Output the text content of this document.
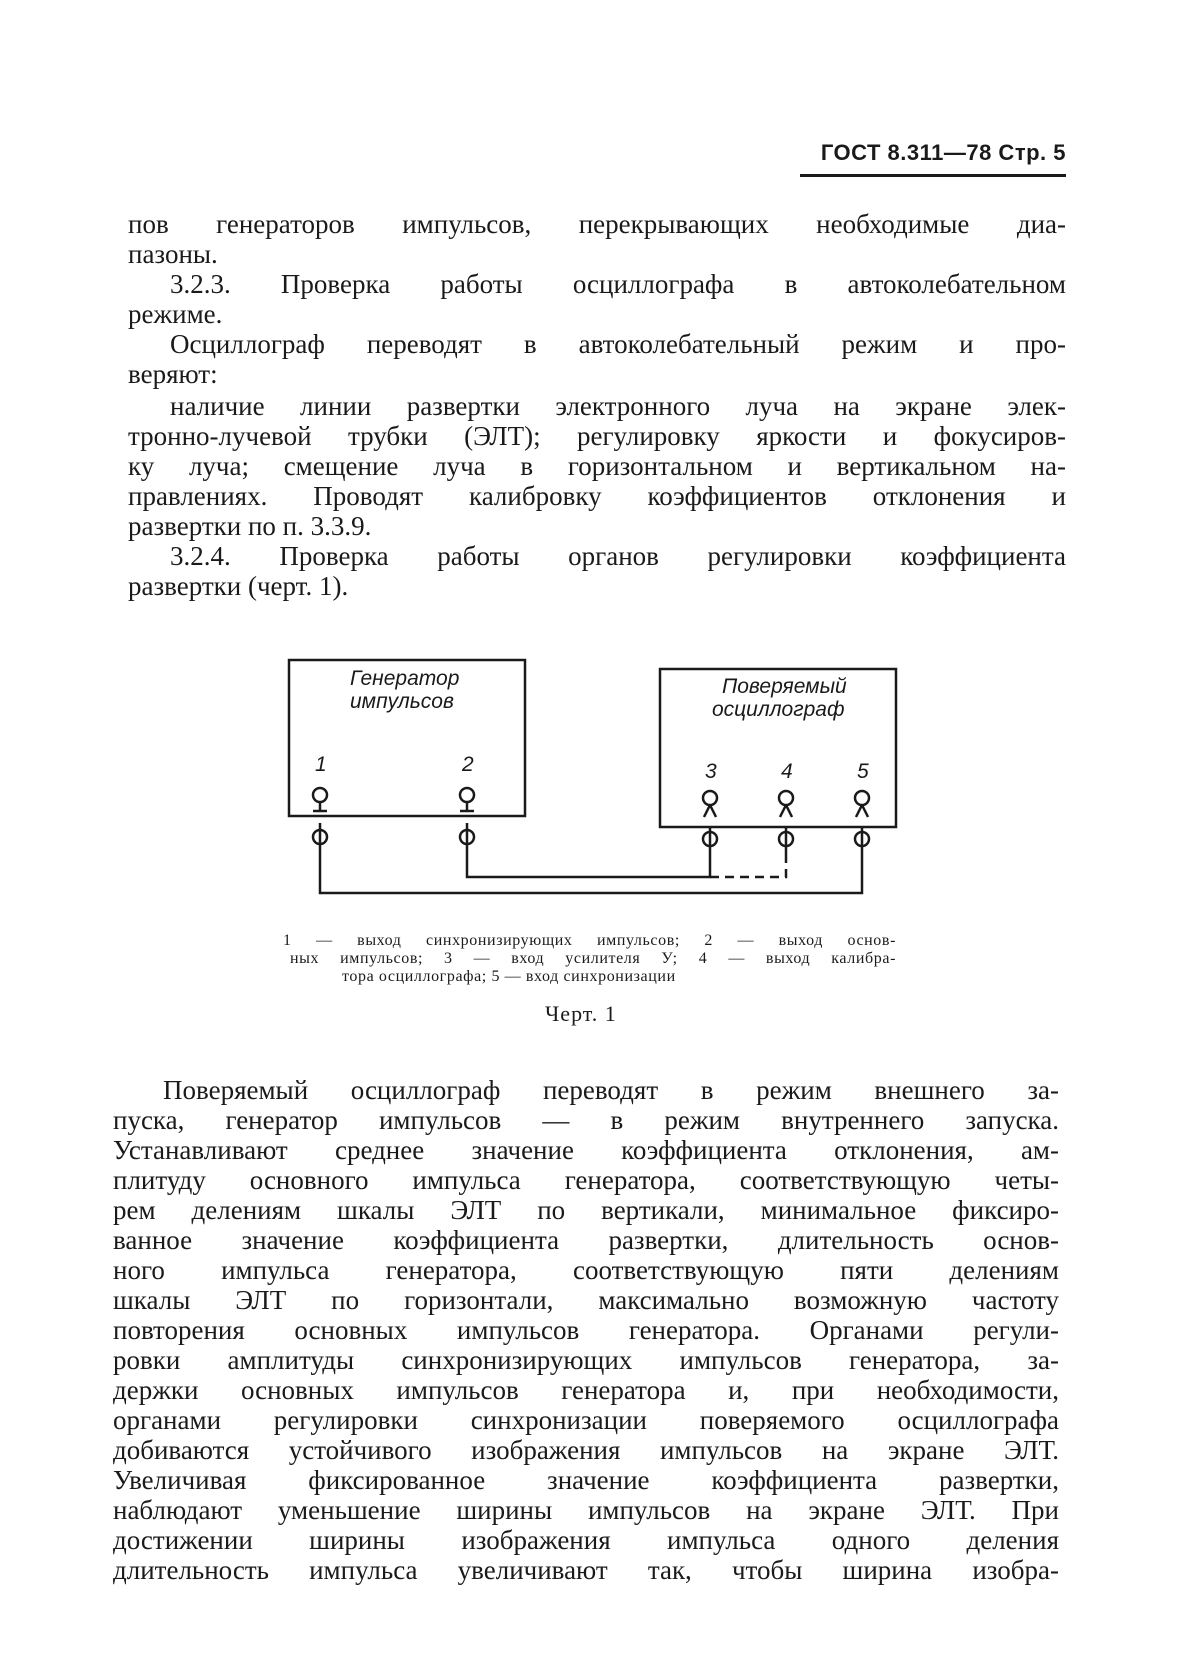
ГОСТ 8.311—78 Стр. 5
пов генераторов импульсов, перекрывающих необходимые диа-
пазоны.
3.2.3. Проверка работы осциллографа в автоколебательном
режиме.
Осциллограф переводят в автоколебательный режим и про-
веряют:
наличие линии развертки электронного луча на экране элек-
тронно-лучевой трубки (ЭЛТ); регулировку яркости и фокусиров-
ку луча; смещение луча в горизонтальном и вертикальном на-
правлениях. Проводят калибровку коэффициентов отклонения и
развертки по п. 3.3.9.
3.2.4. Проверка работы органов регулировки коэффициента
развертки (черт. 1).
Генератор
импульсов
Поверяемый
осциллограф
1	2	3	4	5
1 — выход синхронизирующих импульсов; 2 — выход основ-
ных импульсов; 3 — вход усилителя У; 4 — выход калибра-
тора осциллографа; 5 — вход синхронизации
Черт. 1
Поверяемый осциллограф переводят в режим внешнего за-
пуска, генератор импульсов — в режим внутреннего запуска.
Устанавливают среднее значение коэффициента отклонения, ам-
плитуду основного импульса генератора, соответствующую четы-
рем делениям шкалы ЭЛТ по вертикали, минимальное фиксиро-
ванное значение коэффициента развертки, длительность основ-
ного импульса генератора, соответствующую пяти делениям
шкалы ЭЛТ по горизонтали, максимально возможную частоту
повторения основных импульсов генератора. Органами регули-
ровки амплитуды синхронизирующих импульсов генератора, за-
держки основных импульсов генератора и, при необходимости,
органами регулировки синхронизации поверяемого осциллографа
добиваются устойчивого изображения импульсов на экране ЭЛТ.
Увеличивая фиксированное значение коэффициента развертки,
наблюдают уменьшение ширины импульсов на экране ЭЛТ. При
достижении ширины изображения импульса одного деления
длительность импульса увеличивают так, чтобы ширина изобра-
